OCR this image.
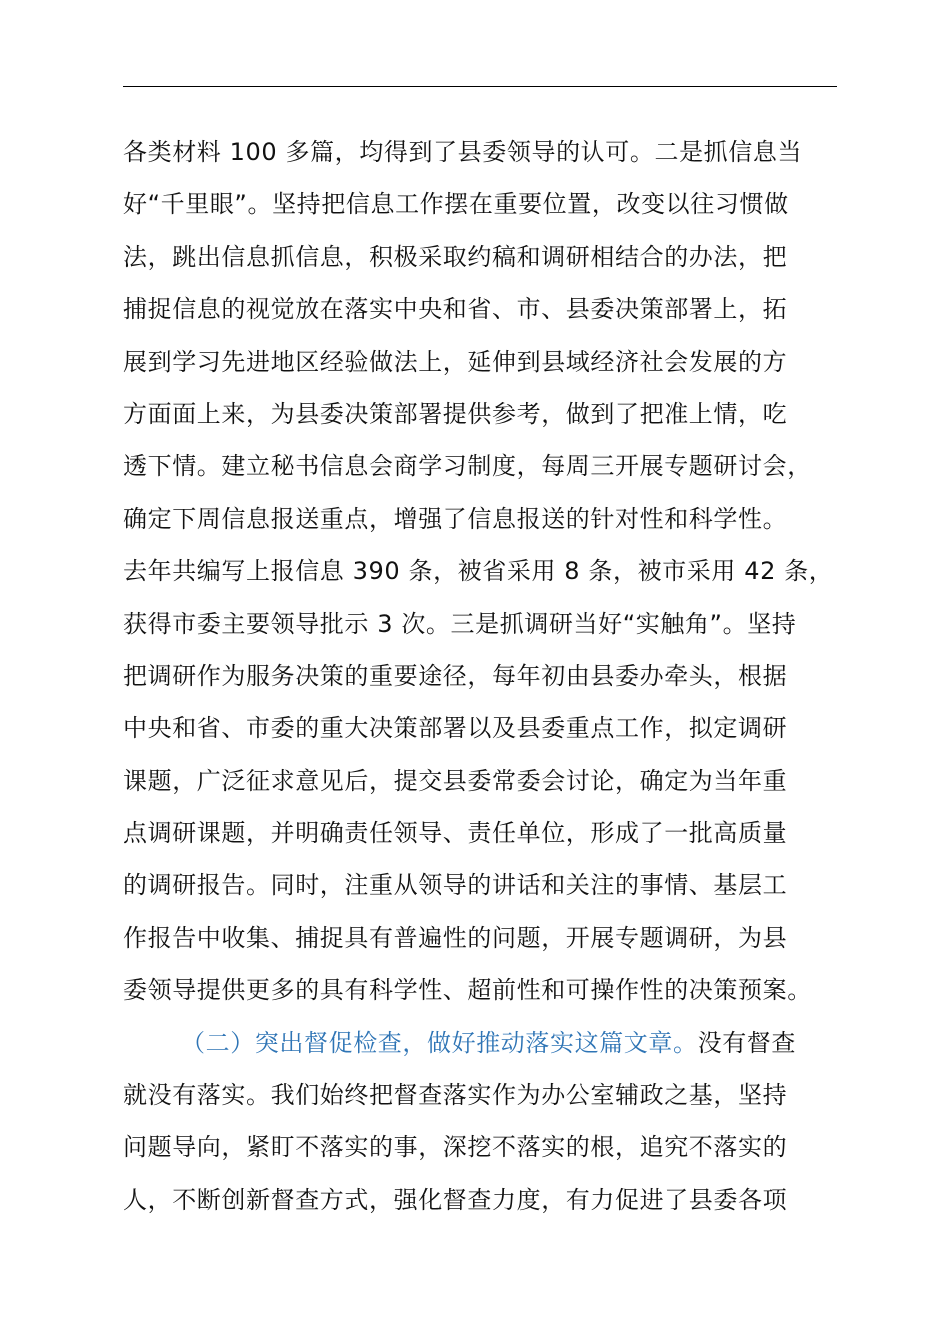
各类材料 100 多篇，均得到了县委领导的认可。二是抓信息当
好“千里眼”。坚持把信息工作摆在重要位置，改变以往习惯做
法，跳出信息抓信息，积极采取约稿和调研相结合的办法，把
捕捉信息的视觉放在落实中央和省、市、县委决策部署上，拓
展到学习先进地区经验做法上，延伸到县域经济社会发展的方
方面面上来，为县委决策部署提供参考，做到了把准上情，吃
透下情。建立秘书信息会商学习制度，每周三开展专题研讨会，
确定下周信息报送重点，增强了信息报送的针对性和科学性。
去年共编写上报信息 390 条，被省采用 8 条，被市采用 42 条，
获得市委主要领导批示 3 次。三是抓调研当好“实触角”。坚持
把调研作为服务决策的重要途径，每年初由县委办牵头，根据
中央和省、市委的重大决策部署以及县委重点工作，拟定调研
课题，广泛征求意见后，提交县委常委会讨论，确定为当年重
点调研课题，并明确责任领导、责任单位，形成了一批高质量
的调研报告。同时，注重从领导的讲话和关注的事情、基层工
作报告中收集、捕捉具有普遍性的问题，开展专题调研，为县
委领导提供更多的具有科学性、超前性和可操作性的决策预案。
（二）突出督促检查，做好推动落实这篇文章。没有督查
就没有落实。我们始终把督查落实作为办公室辅政之基，坚持
问题导向，紧盯不落实的事，深挖不落实的根，追究不落实的
人，不断创新督查方式，强化督查力度，有力促进了县委各项
